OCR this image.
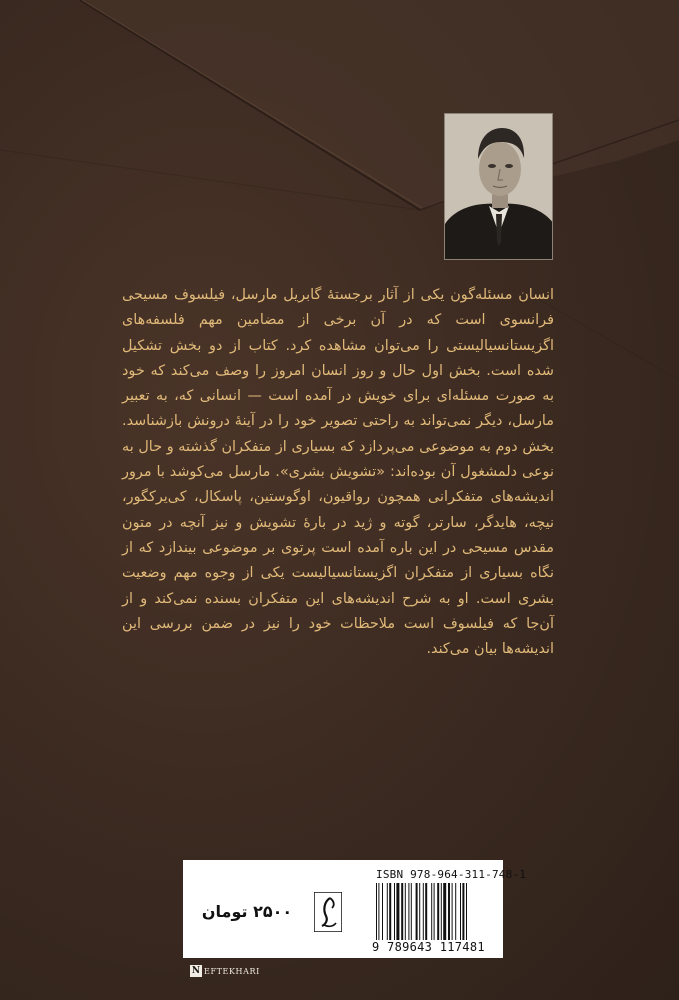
انسان مسئله‌گون یکی از آثار برجستهٔ گابریل مارسل، فیلسوف مسیحی فرانسوی است که در آن برخی از مضامین مهم فلسفه‌های اگزیستانسیالیستی را می‌توان مشاهده کرد. کتاب از دو بخش تشکیل شده است. بخش اول حال و روز انسان امروز را وصف می‌کند که خود به صورت مسئله‌ای برای خویش در آمده است — انسانی که، به تعبیر مارسل، دیگر نمی‌تواند به راحتی تصویر خود را در آینهٔ درونش بازشناسد. بخش دوم به موضوعی می‌پردازد که بسیاری از متفکران گذشته و حال به نوعی دلمشغول آن بوده‌اند: «تشویش بشری». مارسل می‌کوشد با مرور اندیشه‌های متفکرانی همچون رواقیون، اوگوستین، پاسکال، کی‌یرکگور، نیچه، هایدگر، سارتر، گوته و ژید در بارهٔ تشویش و نیز آنچه در متون مقدس مسیحی در این باره آمده است پرتوی بر موضوعی بیندازد که از نگاه بسیاری از متفکران اگزیستانسیالیست یکی از وجوه مهم وضعیت بشری است. او به شرح اندیشه‌های این متفکران بسنده نمی‌کند و از آن‌جا که فیلسوف است ملاحظات خود را نیز در ضمن بررسی این اندیشه‌ها بیان می‌کند.

۲۵۰۰ تومان
ISBN 978-964-311-748-1
9 789643 117481
N EFTEKHARI
